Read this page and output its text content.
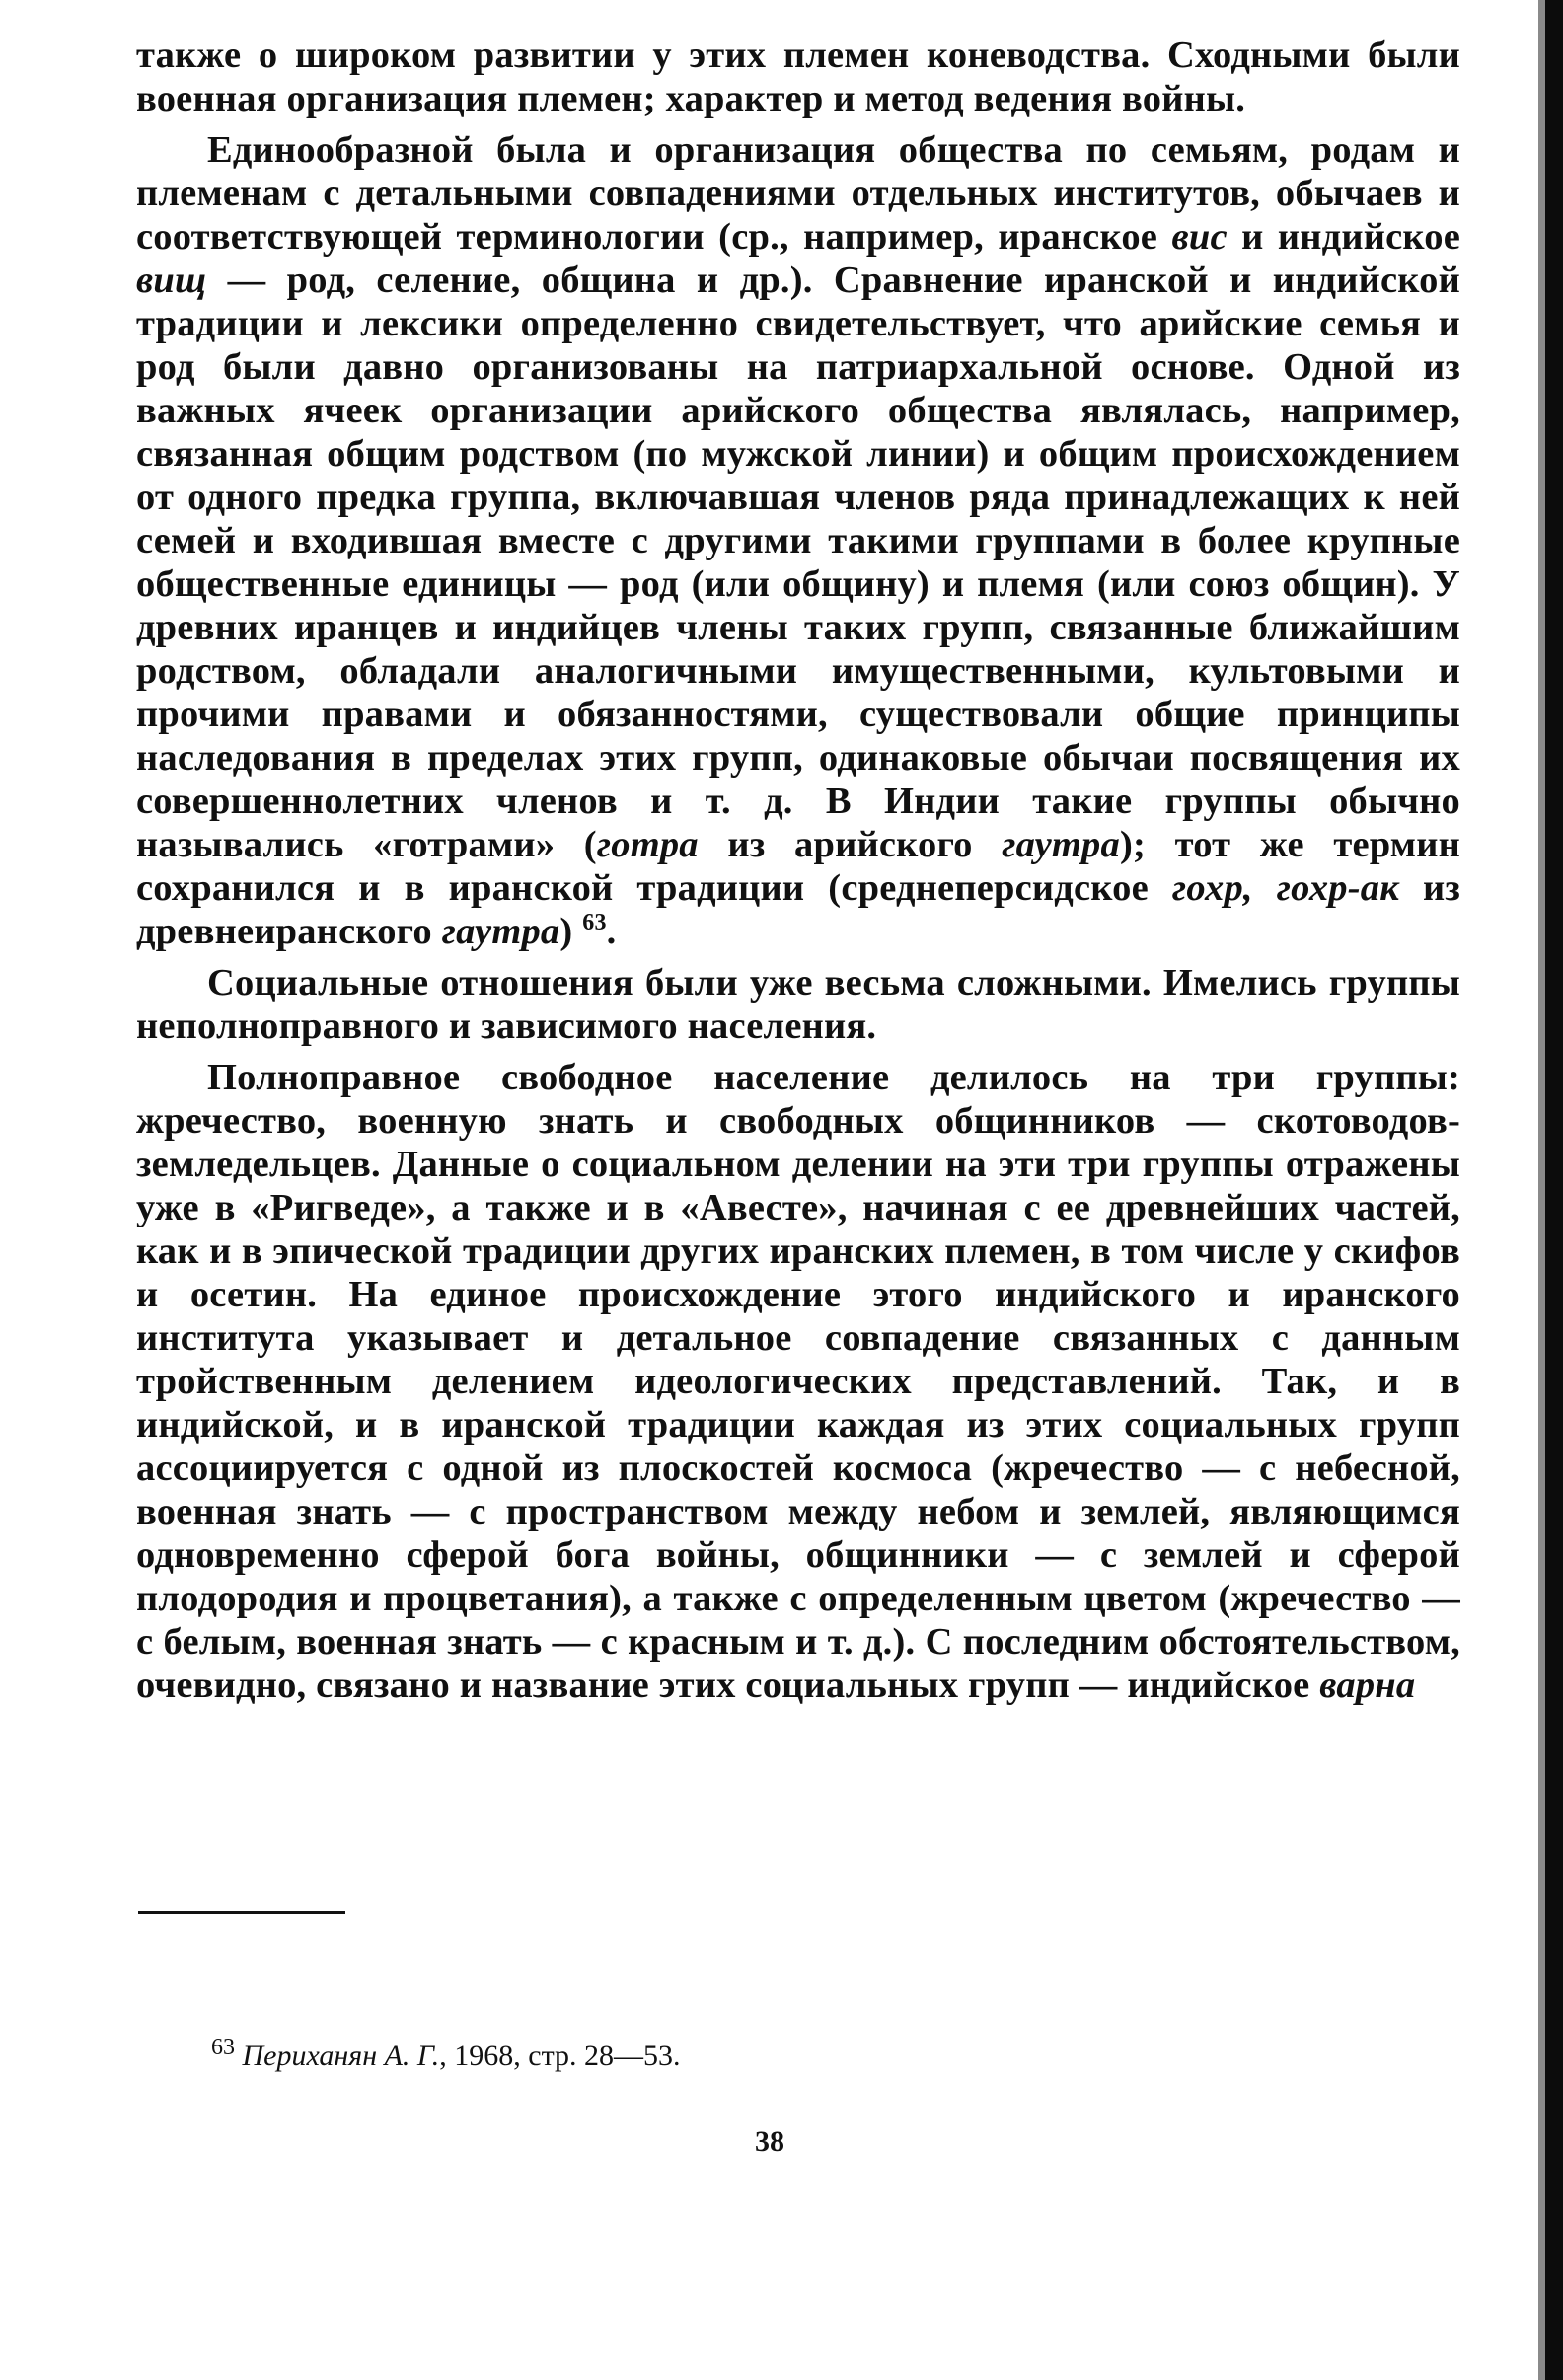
также о широком развитии у этих племен коневодства. Сходными были военная организация племен; характер и метод ведения войны.

Единообразной была и организация общества по семьям, родам и племенам с детальными совпадениями отдельных институтов, обычаев и соответствующей терминологии (ср., например, иранское вис и индийское вищ — род, селение, община и др.). Сравнение иранской и индийской традиции и лексики определенно свидетельствует, что арийские семья и род были давно организованы на патриархальной основе. Одной из важных ячеек организации арийского общества являлась, например, связанная общим родством (по мужской линии) и общим происхождением от одного предка группа, включавшая членов ряда принадлежащих к ней семей и входившая вместе с другими такими группами в более крупные общественные единицы — род (или общину) и племя (или союз общин). У древних иранцев и индийцев члены таких групп, связанные ближайшим родством, обладали аналогичными имущественными, культовыми и прочими правами и обязанностями, существовали общие принципы наследования в пределах этих групп, одинаковые обычаи посвящения их совершеннолетних членов и т. д. В Индии такие группы обычно назывались «готрами» (готра из арийского гаутра); тот же термин сохранился и в иранской традиции (среднеперсидское гохр, гохр-ак из древнеиранского гаутра) $^{63}$.

Социальные отношения были уже весьма сложными. Имелись группы неполноправного и зависимого населения.

Полноправное свободное население делилось на три группы: жречество, военную знать и свободных общинников — скотоводов-земледельцев. Данные о социальном делении на эти три группы отражены уже в «Ригведе», а также и в «Авесте», начиная с ее древнейших частей, как и в эпической традиции других иранских племен, в том числе у скифов и осетин. На единое происхождение этого индийского и иранского института указывает и детальное совпадение связанных с данным тройственным делением идеологических представлений. Так, и в индийской, и в иранской традиции каждая из этих социальных групп ассоциируется с одной из плоскостей космоса (жречество — с небесной, военная знать — с пространством между небом и землей, являющимся одновременно сферой бога войны, общинники — с землей и сферой плодородия и процветания), а также с определенным цветом (жречество — с белым, военная знать — с красным и т. д.). С последним обстоятельством, очевидно, связано и название этих социальных групп — индийское варна

$^{63}$ Периханян А. Г., 1968, стр. 28—53.
38
